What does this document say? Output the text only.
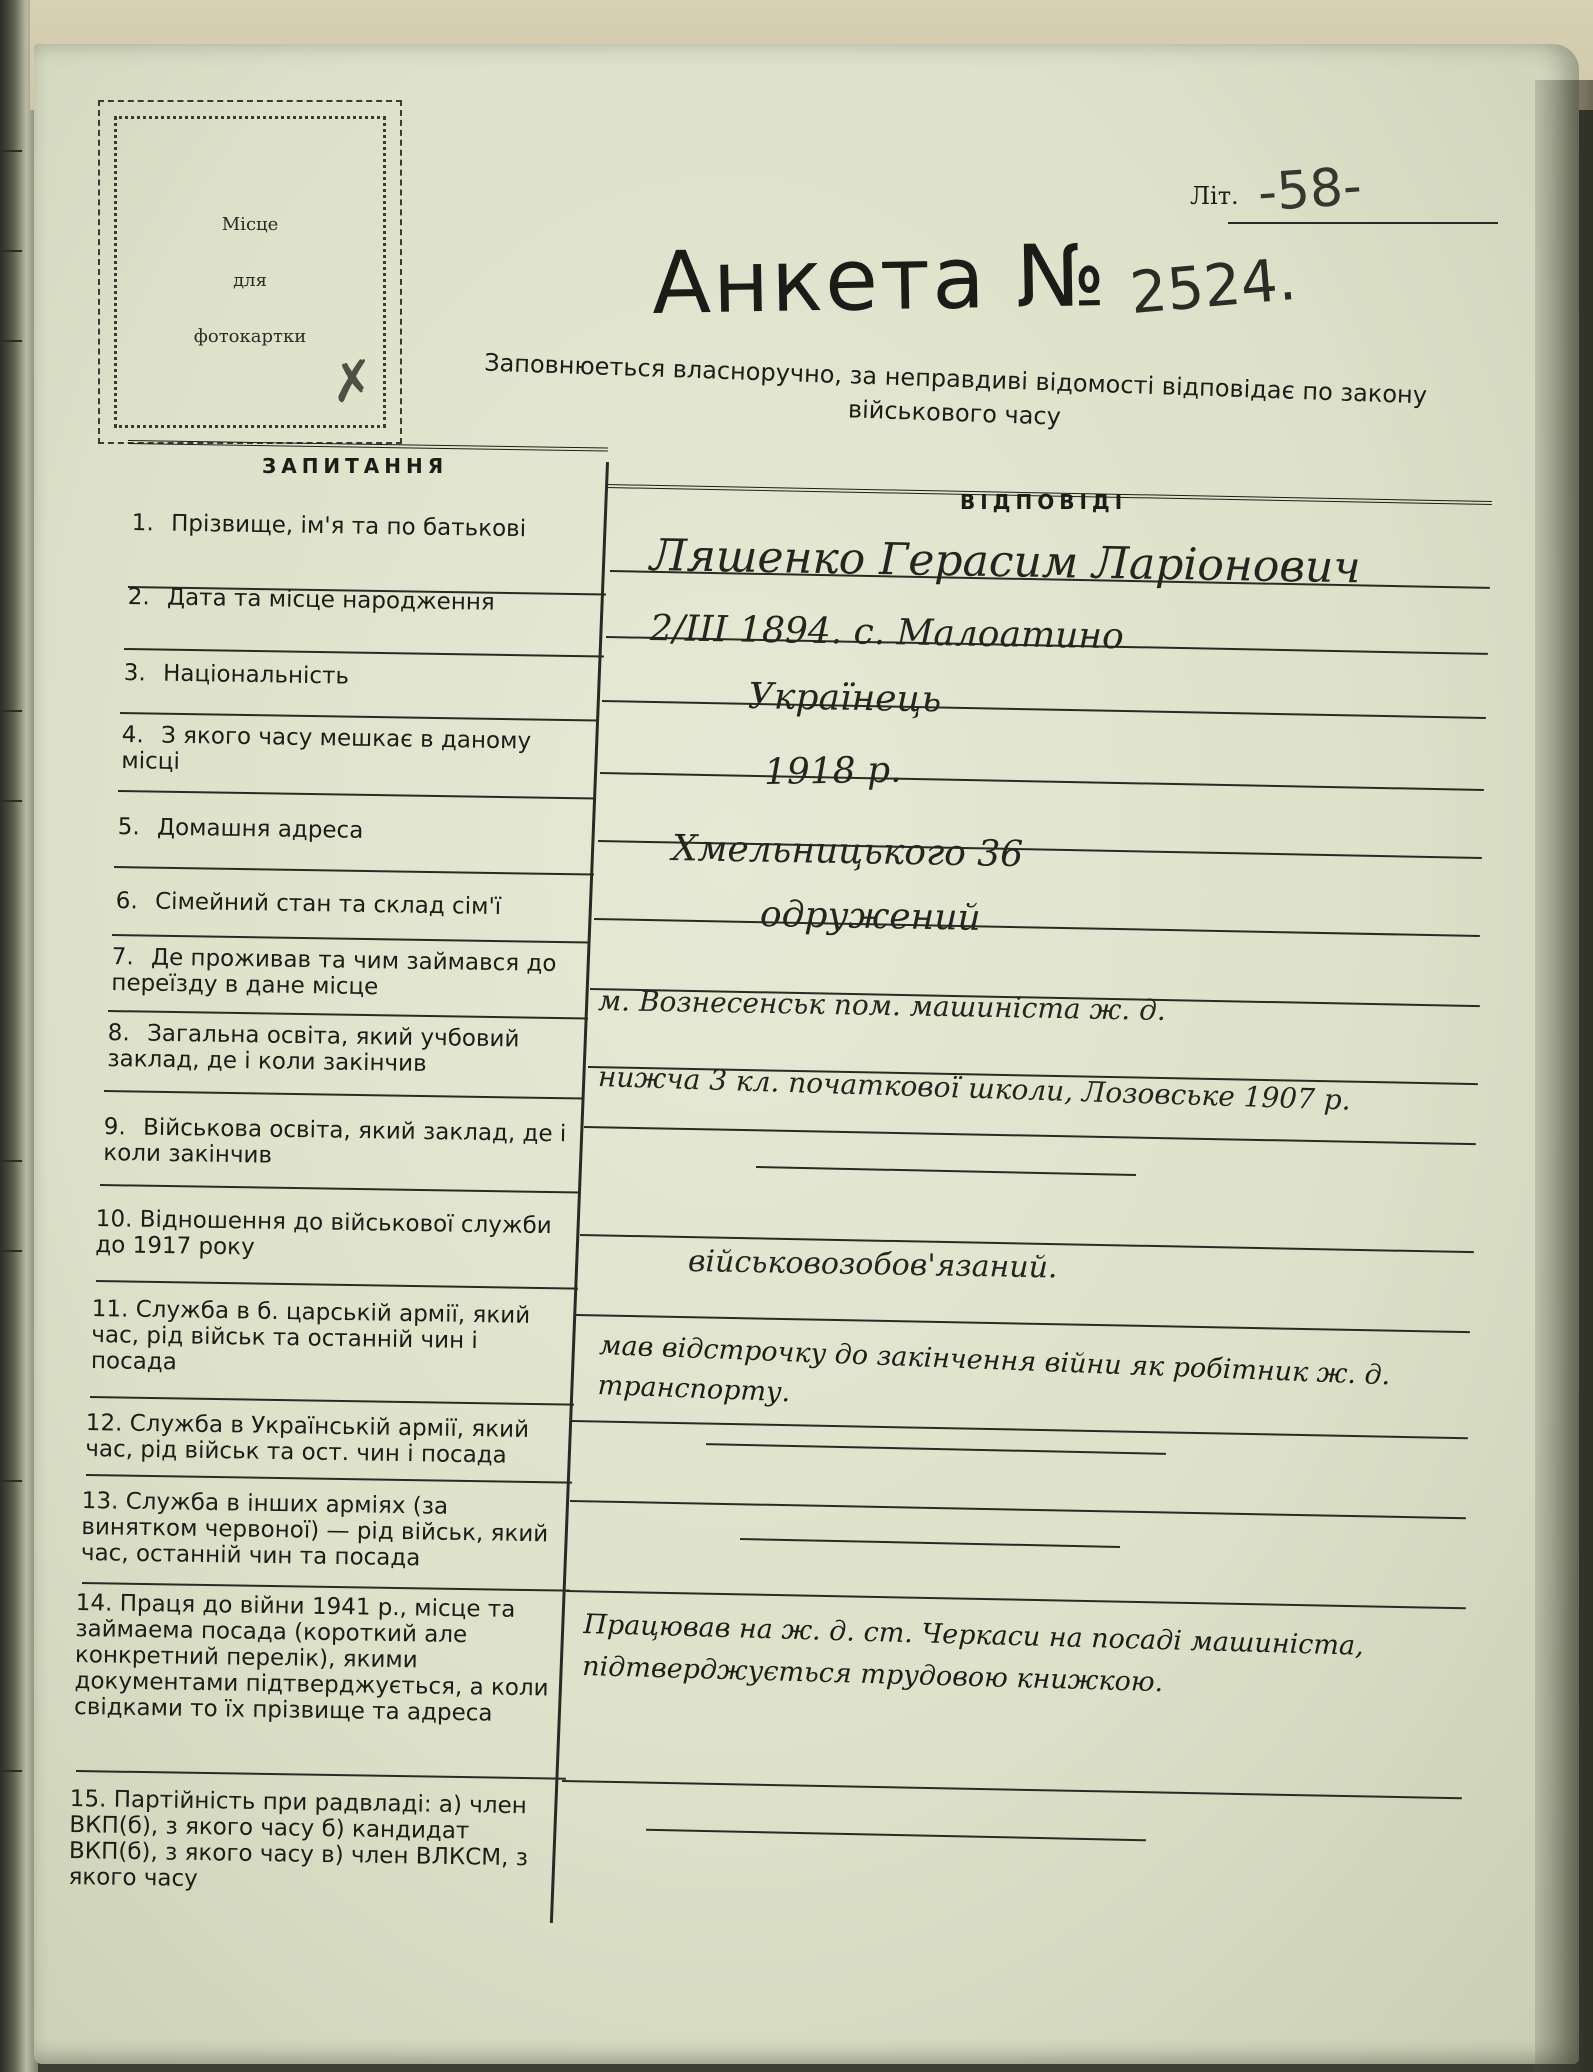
Місце
для
фотокартки
✗
Літ. -58-
Анкета № 2524.
Заповнюеться власноручно, за неправдиві відомості відповідає по закону військового часу
ЗАПИТАННЯ
ВІДПОВІДІ
1. Прізвище, ім'я та по батькові
2. Дата та місце народження
3. Національність
4. З якого часу мешкає в даному місці
5. Домашня адреса
6. Сімейний стан та склад сім'ї
7. Де проживав та чим займався до переїзду в дане місце
8. Загальна освіта, який учбовий заклад, де і коли закінчив
9. Військова освіта, який заклад, де і коли закінчив
10. Відношення до військової служби до 1917 року
11. Служба в б. царській армії, який час, рід військ та останній чин і посада
12. Служба в Українській армії, який час, рід військ та ост. чин і посада
13. Служба в інших арміях (за винятком червоної) — рід військ, який час, останній чин та посада
14. Праця до війни 1941 р., місце та займаема посада (короткий але конкретний перелік), якими документами підтверджується, а коли свідками то їх прізвище та адреса
15. Партійність при радвладі: а) член ВКП(б), з якого часу б) кандидат ВКП(б), з якого часу в) член ВЛКСМ, з якого часу
Ляшенко Герасим Ларіонович
2/III 1894. с. Малоатино
Українець
1918 р.
Хмельницького 36
одружений
м. Вознесенськ пом. машиніста ж. д.
нижча 3 кл. початкової школи, Лозовське 1907 р.
військовозобов'язаний.
мав відстрочку до закінчення війни як робітник ж. д. транспорту.
Працював на ж. д. ст. Черкаси на посаді машиніста, підтверджується трудовою книжкою.
